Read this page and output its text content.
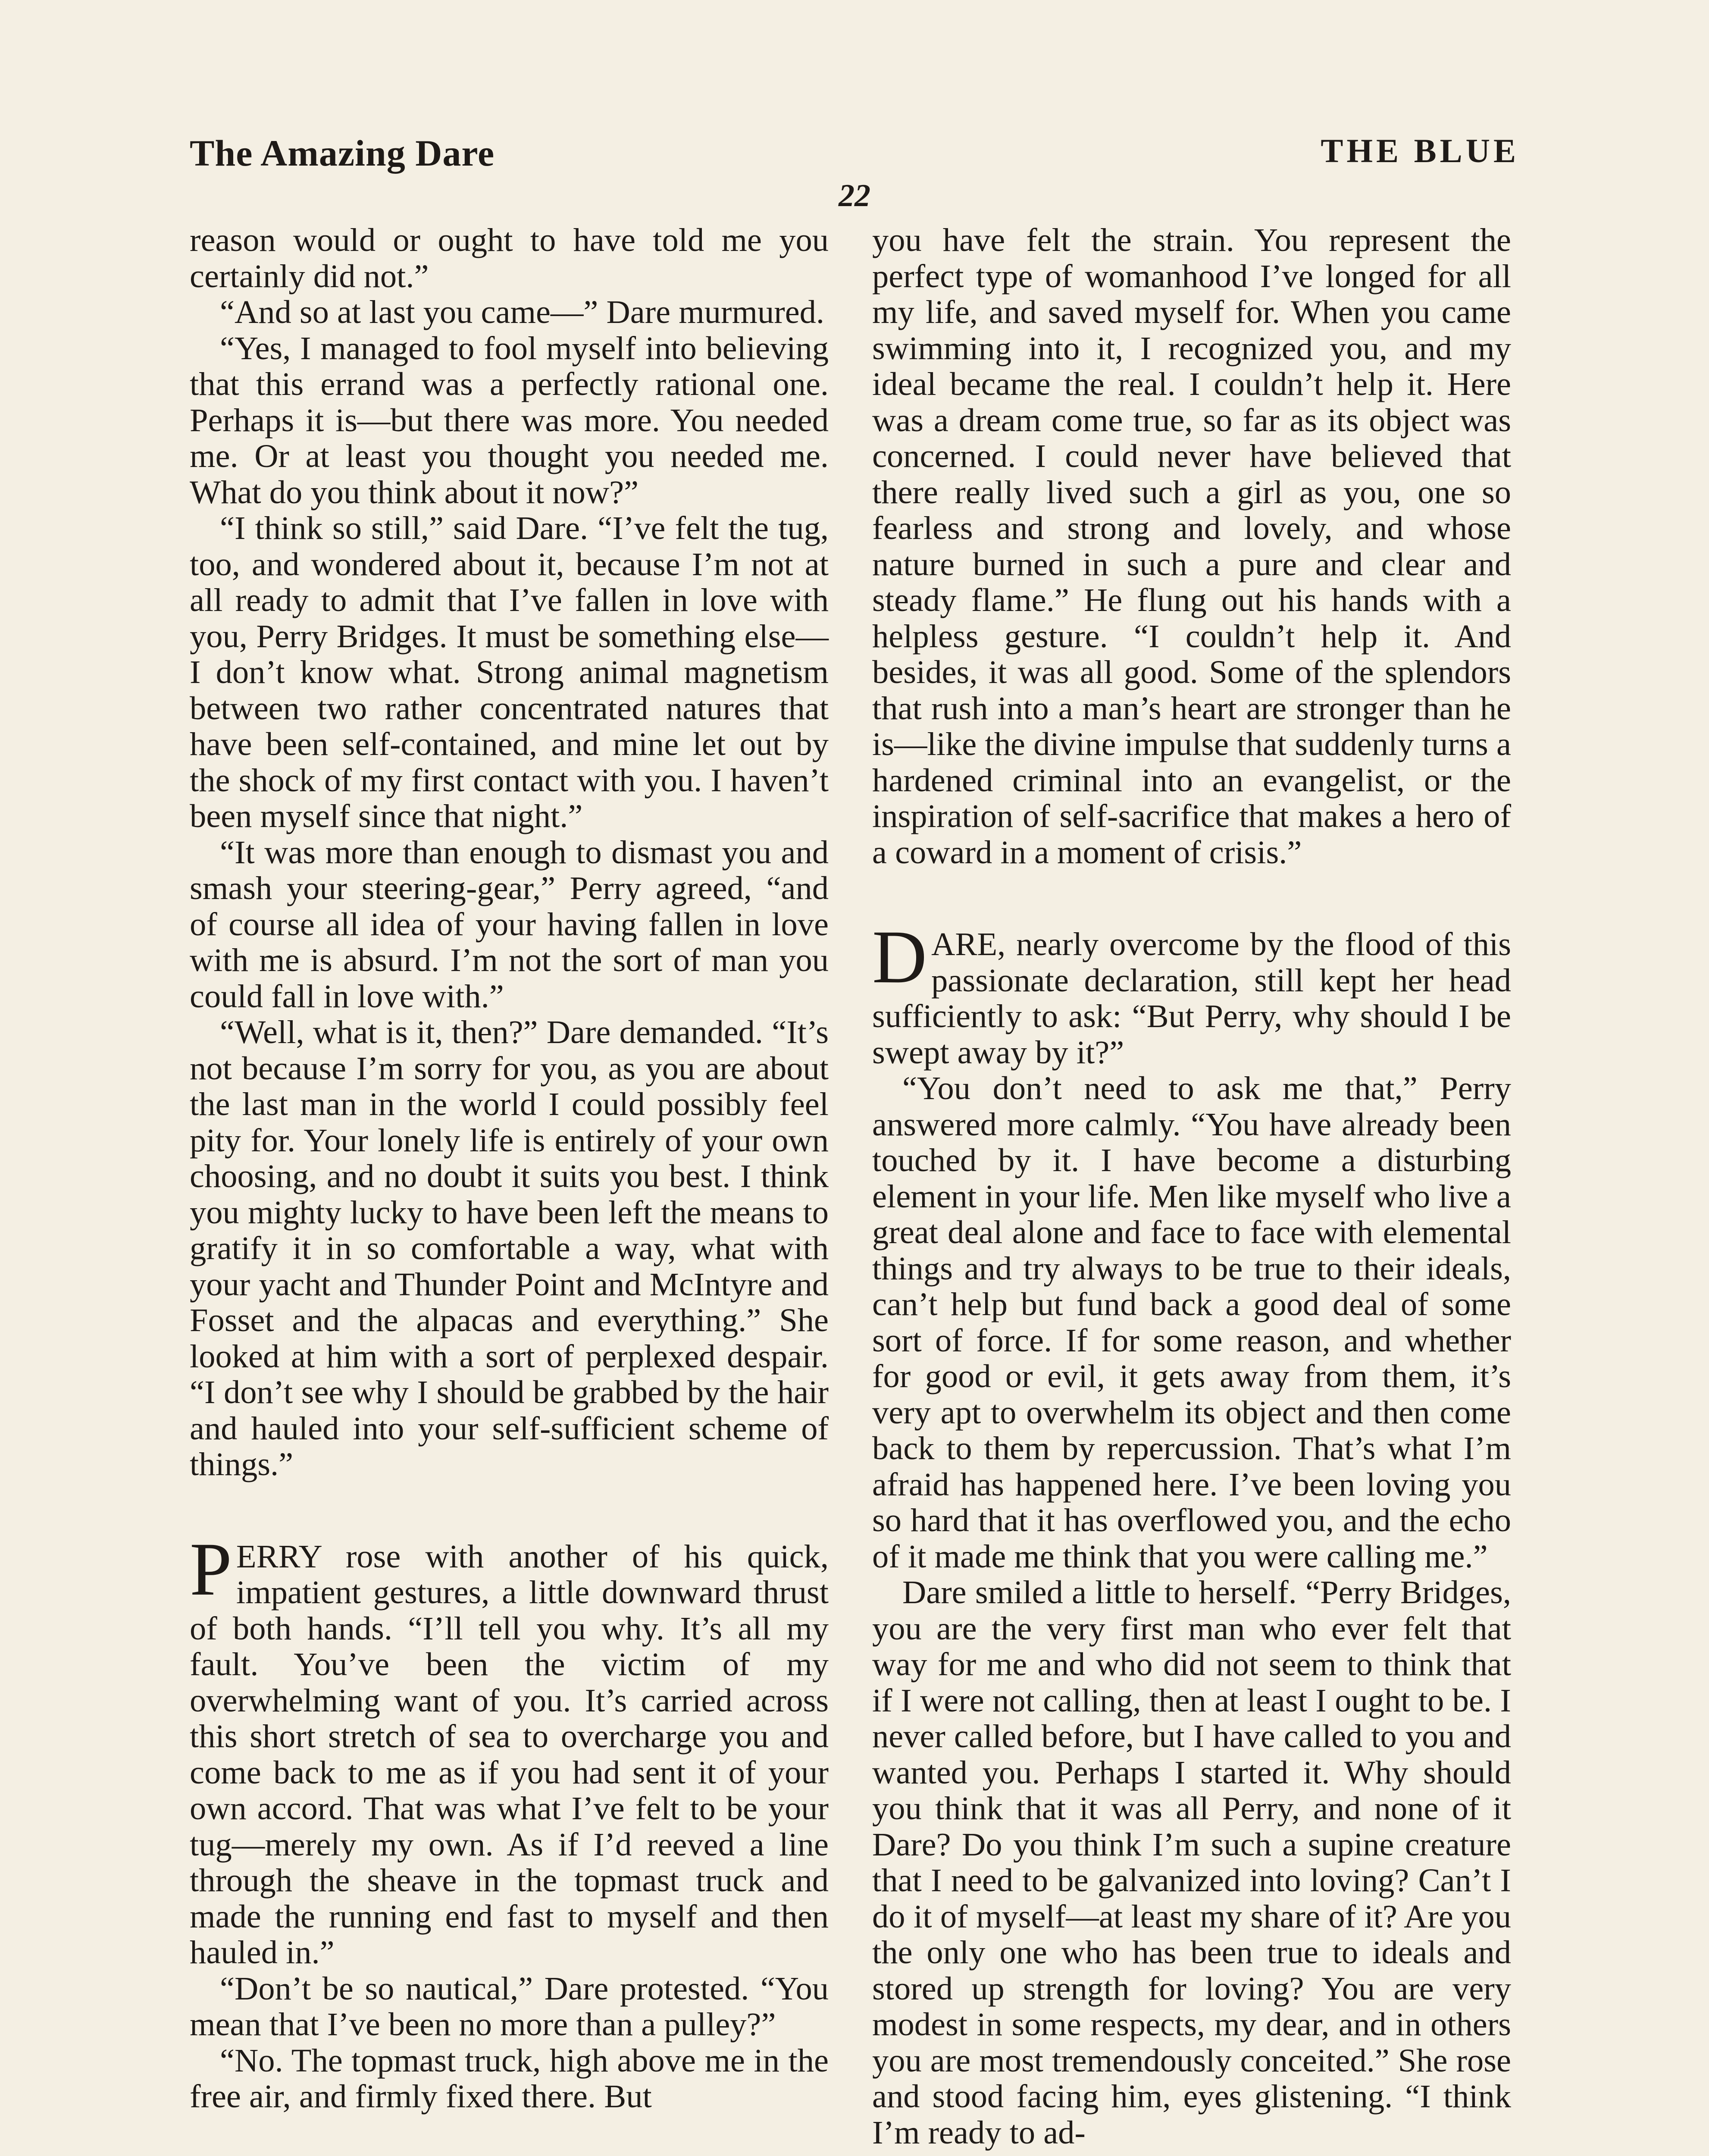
The Amazing Dare	THE BLUE
22

reason would or ought to have told me you certainly did not.”

“And so at last you came—” Dare murmured.

“Yes, I managed to fool myself into believing that this errand was a perfectly rational one. Perhaps it is—but there was more. You needed me. Or at least you thought you needed me. What do you think about it now?”

“I think so still,” said Dare. “I’ve felt the tug, too, and wondered about it, because I’m not at all ready to admit that I’ve fallen in love with you, Perry Bridges. It must be something else—I don’t know what. Strong animal magnetism between two rather concentrated natures that have been self-contained, and mine let out by the shock of my first contact with you. I haven’t been myself since that night.”

“It was more than enough to dismast you and smash your steering-gear,” Perry agreed, “and of course all idea of your having fallen in love with me is absurd. I’m not the sort of man you could fall in love with.”

“Well, what is it, then?” Dare demanded. “It’s not because I’m sorry for you, as you are about the last man in the world I could possibly feel pity for. Your lonely life is entirely of your own choosing, and no doubt it suits you best. I think you mighty lucky to have been left the means to gratify it in so comfortable a way, what with your yacht and Thunder Point and McIntyre and Fosset and the alpacas and everything.” She looked at him with a sort of perplexed despair. “I don’t see why I should be grabbed by the hair and hauled into your self-sufficient scheme of things.”

PERRY rose with another of his quick, impatient gestures, a little downward thrust of both hands. “I’ll tell you why. It’s all my fault. You’ve been the victim of my overwhelming want of you. It’s carried across this short stretch of sea to overcharge you and come back to me as if you had sent it of your own accord. That was what I’ve felt to be your tug—merely my own. As if I’d reeved a line through the sheave in the topmast truck and made the running end fast to myself and then hauled in.”

“Don’t be so nautical,” Dare protested. “You mean that I’ve been no more than a pulley?”

“No. The topmast truck, high above me in the free air, and firmly fixed there. But

you have felt the strain. You represent the perfect type of womanhood I’ve longed for all my life, and saved myself for. When you came swimming into it, I recognized you, and my ideal became the real. I couldn’t help it. Here was a dream come true, so far as its object was concerned. I could never have believed that there really lived such a girl as you, one so fearless and strong and lovely, and whose nature burned in such a pure and clear and steady flame.” He flung out his hands with a helpless gesture. “I couldn’t help it. And besides, it was all good. Some of the splendors that rush into a man’s heart are stronger than he is—like the divine impulse that suddenly turns a hardened criminal into an evangelist, or the inspiration of self-sacrifice that makes a hero of a coward in a moment of crisis.”

DARE, nearly overcome by the flood of this passionate declaration, still kept her head sufficiently to ask: “But Perry, why should I be swept away by it?”

“You don’t need to ask me that,” Perry answered more calmly. “You have already been touched by it. I have become a disturbing element in your life. Men like myself who live a great deal alone and face to face with elemental things and try always to be true to their ideals, can’t help but fund back a good deal of some sort of force. If for some reason, and whether for good or evil, it gets away from them, it’s very apt to overwhelm its object and then come back to them by repercussion. That’s what I’m afraid has happened here. I’ve been loving you so hard that it has overflowed you, and the echo of it made me think that you were calling me.”

Dare smiled a little to herself. “Perry Bridges, you are the very first man who ever felt that way for me and who did not seem to think that if I were not calling, then at least I ought to be. I never called before, but I have called to you and wanted you. Perhaps I started it. Why should you think that it was all Perry, and none of it Dare? Do you think I’m such a supine creature that I need to be galvanized into loving? Can’t I do it of myself—at least my share of it? Are you the only one who has been true to ideals and stored up strength for loving? You are very modest in some respects, my dear, and in others you are most tremendously conceited.” She rose and stood facing him, eyes glistening. “I think I’m ready to ad-
